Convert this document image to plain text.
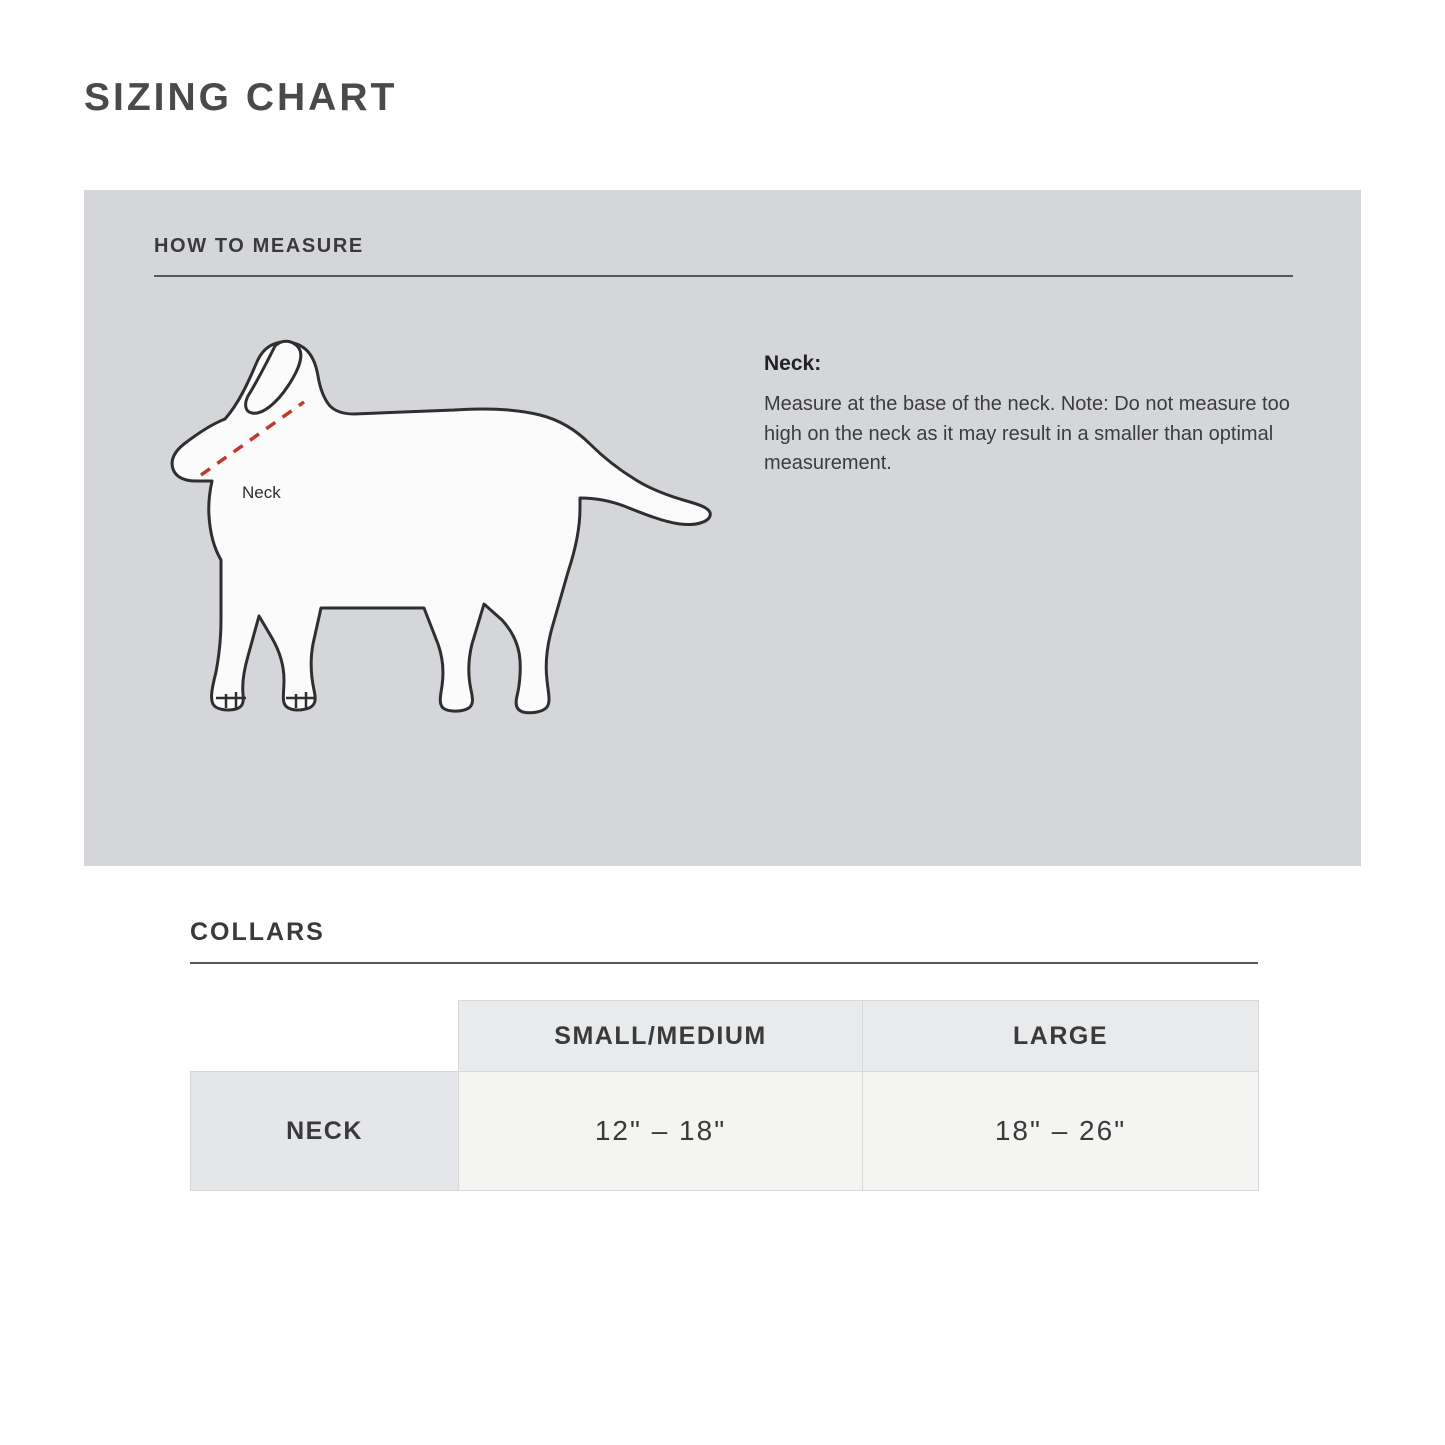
SIZING CHART
HOW TO MEASURE
Neck
Neck:
Measure at the base of the neck. Note: Do not measure too high on the neck as it may result in a smaller than optimal measurement.
COLLARS
	SMALL/MEDIUM	LARGE
NECK	12" – 18"	18" – 26"
